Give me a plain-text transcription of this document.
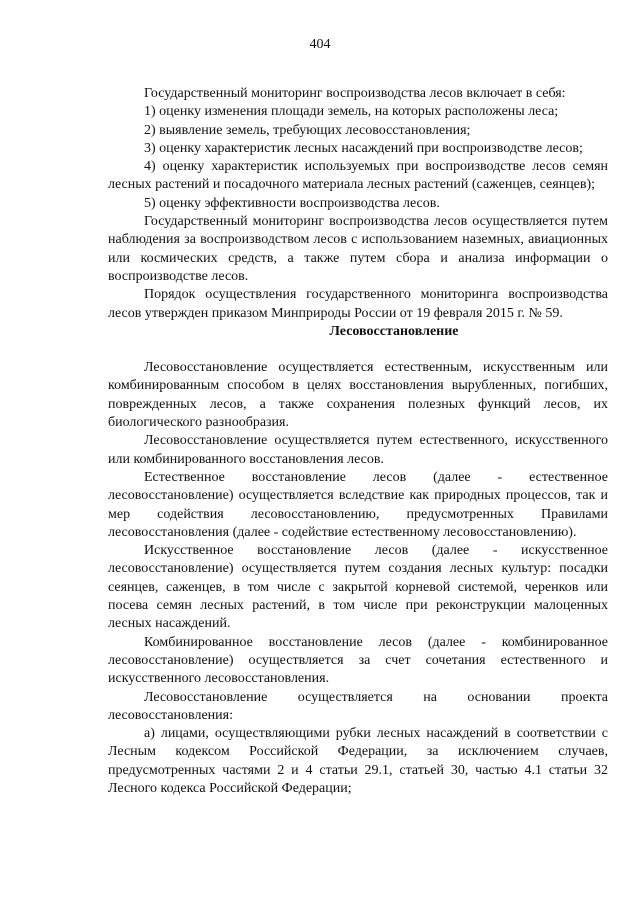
404

Государственный мониторинг воспроизводства лесов включает в себя:

1) оценку изменения площади земель, на которых расположены леса;

2) выявление земель, требующих лесовосстановления;

3) оценку характеристик лесных насаждений при воспроизводстве лесов;

4) оценку характеристик используемых при воспроизводстве лесов семян лесных растений и посадочного материала лесных растений (саженцев, сеянцев);

5) оценку эффективности воспроизводства лесов.

Государственный мониторинг воспроизводства лесов осуществляется путем наблюдения за воспроизводством лесов с использованием наземных, авиационных или космических средств, а также путем сбора и анализа информации о воспроизводстве лесов.

Порядок осуществления государственного мониторинга воспроизводства лесов утвержден приказом Минприроды России от 19 февраля 2015 г. № 59.

Лесовосстановление

Лесовосстановление осуществляется естественным, искусственным или комбинированным способом в целях восстановления вырубленных, погибших, поврежденных лесов, а также сохранения полезных функций лесов, их биологического разнообразия.

Лесовосстановление осуществляется путем естественного, искусственного или комбинированного восстановления лесов.

Естественное восстановление лесов (далее - естественное лесовосстановление) осуществляется вследствие как природных процессов, так и мер содействия лесовосстановлению, предусмотренных Правилами лесовосстановления (далее - содействие естественному лесовосстановлению).

Искусственное восстановление лесов (далее - искусственное лесовосстановление) осуществляется путем создания лесных культур: посадки сеянцев, саженцев, в том числе с закрытой корневой системой, черенков или посева семян лесных растений, в том числе при реконструкции малоценных лесных насаждений.

Комбинированное восстановление лесов (далее - комбинированное лесовосстановление) осуществляется за счет сочетания естественного и искусственного лесовосстановления.

Лесовосстановление осуществляется на основании проекта лесовосстановления:

а) лицами, осуществляющими рубки лесных насаждений в соответствии с Лесным кодексом Российской Федерации, за исключением случаев, предусмотренных частями 2 и 4 статьи 29.1, статьей 30, частью 4.1 статьи 32 Лесного кодекса Российской Федерации;
